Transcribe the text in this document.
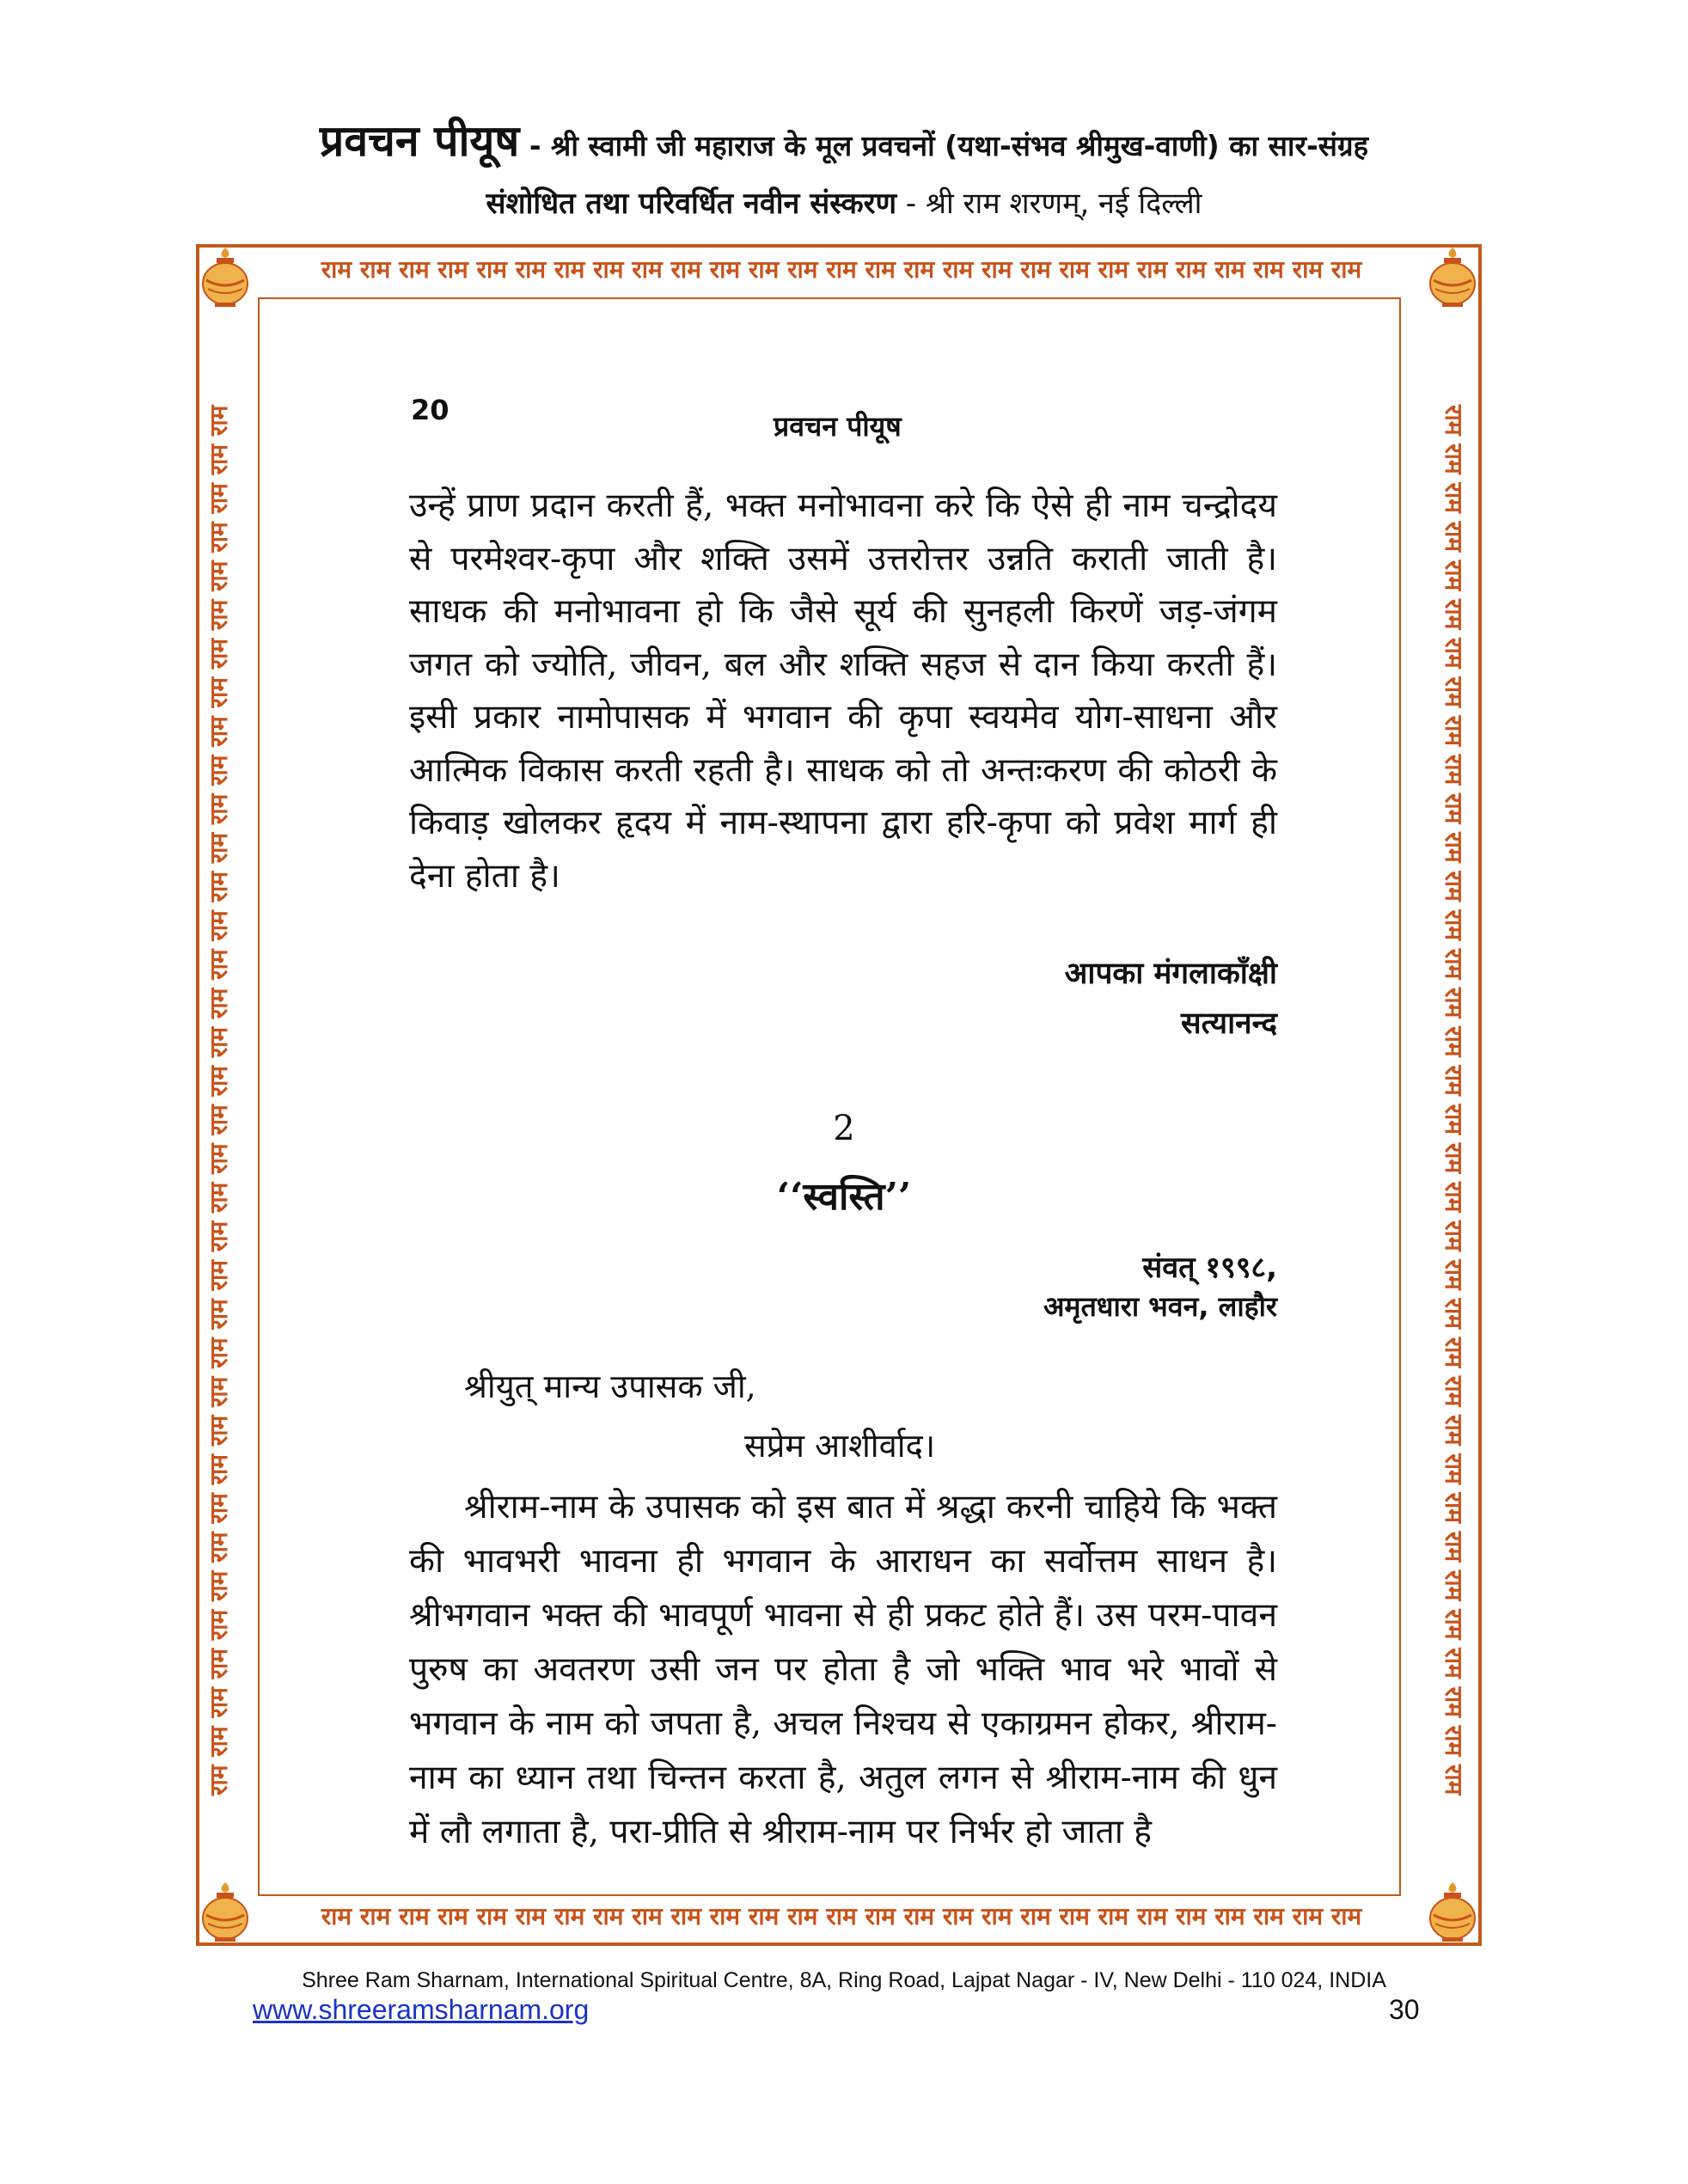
प्रवचन पीयूष - श्री स्वामी जी महाराज के मूल प्रवचनों (यथा-संभव श्रीमुख-वाणी) का सार-संग्रह
संशोधित तथा परिवर्धित नवीन संस्करण - श्री राम शरणम्, नई दिल्ली
राम राम राम राम राम राम राम राम राम राम राम राम राम राम राम राम राम राम राम राम राम राम राम राम राम राम राम
राम राम राम राम राम राम राम राम राम राम राम राम राम राम राम राम राम राम राम राम राम राम राम राम राम राम राम
राम राम राम राम राम राम राम राम राम राम राम राम राम राम राम राम राम राम राम राम राम राम राम राम राम राम राम राम राम राम राम राम राम राम राम राम	राम राम राम राम राम राम राम राम राम राम राम राम राम राम राम राम राम राम राम राम राम राम राम राम राम राम राम राम राम राम राम राम राम राम राम राम
20	प्रवचन पीयूष

उन्हें प्राण प्रदान करती हैं, भक्त मनोभावना करे कि ऐसे ही नाम चन्द्रोदय से परमेश्वर-कृपा और शक्ति उसमें उत्तरोत्तर उन्नति कराती जाती है। साधक की मनोभावना हो कि जैसे सूर्य की सुनहली किरणें जड़-जंगम जगत को ज्योति, जीवन, बल और शक्ति सहज से दान किया करती हैं। इसी प्रकार नामोपासक में भगवान की कृपा स्वयमेव योग-साधना और आत्मिक विकास करती रहती है। साधक को तो अन्तःकरण की कोठरी के किवाड़ खोलकर हृदय में नाम-स्थापना द्वारा हरि-कृपा को प्रवेश मार्ग ही देना होता है।

आपका मंगलाकाँक्षी
सत्यानन्द
2
‘‘स्वस्ति’’
संवत् १९९८,
अमृतधारा भवन, लाहौर
श्रीयुत् मान्य उपासक जी,
सप्रेम आशीर्वाद।

श्रीराम-नाम के उपासक को इस बात में श्रद्धा करनी चाहिये कि भक्त की भावभरी भावना ही भगवान के आराधन का सर्वोत्तम साधन है। श्रीभगवान भक्त की भावपूर्ण भावना से ही प्रकट होते हैं। उस परम-पावन पुरुष का अवतरण उसी जन पर होता है जो भक्ति भाव भरे भावों से भगवान के नाम को जपता है, अचल निश्चय से एकाग्रमन होकर, श्रीराम-नाम का ध्यान तथा चिन्तन करता है, अतुल लगन से श्रीराम-नाम की धुन में लौ लगाता है, परा-प्रीति से श्रीराम-नाम पर निर्भर हो जाता है

Shree Ram Sharnam, International Spiritual Centre, 8A, Ring Road, Lajpat Nagar - IV, New Delhi - 110 024, INDIA
www.shreeramsharnam.org	30
